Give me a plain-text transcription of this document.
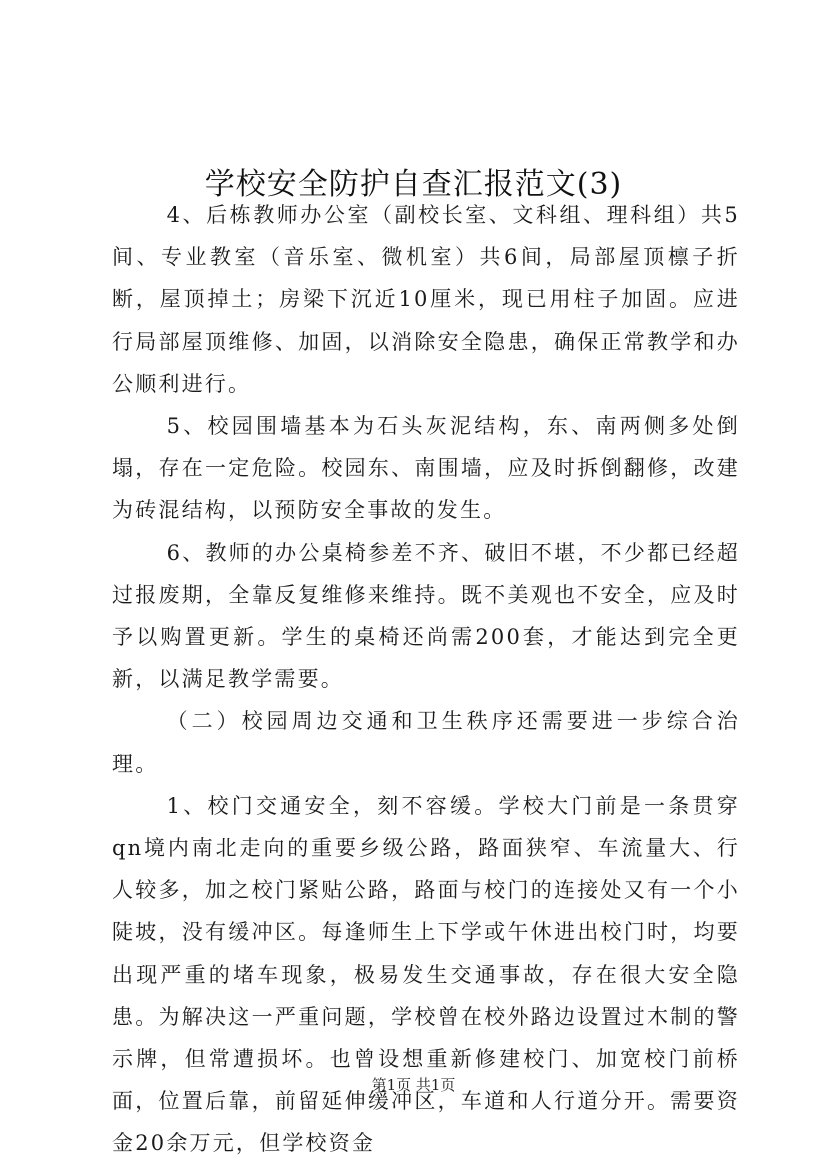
学校安全防护自查汇报范文(3)

4、后栋教师办公室（副校长室、文科组、理科组）共5间、专业教室（音乐室、微机室）共6间，局部屋顶檩子折断，屋顶掉土；房梁下沉近10厘米，现已用柱子加固。应进行局部屋顶维修、加固，以消除安全隐患，确保正常教学和办公顺利进行。

5、校园围墙基本为石头灰泥结构，东、南两侧多处倒塌，存在一定危险。校园东、南围墙，应及时拆倒翻修，改建为砖混结构，以预防安全事故的发生。

6、教师的办公桌椅参差不齐、破旧不堪，不少都已经超过报废期，全靠反复维修来维持。既不美观也不安全，应及时予以购置更新。学生的桌椅还尚需200套，才能达到完全更新，以满足教学需要。

（二）校园周边交通和卫生秩序还需要进一步综合治理。

1、校门交通安全，刻不容缓。学校大门前是一条贯穿qn境内南北走向的重要乡级公路，路面狭窄、车流量大、行人较多，加之校门紧贴公路，路面与校门的连接处又有一个小陡坡，没有缓冲区。每逢师生上下学或午休进出校门时，均要出现严重的堵车现象，极易发生交通事故，存在很大安全隐患。为解决这一严重问题，学校曾在校外路边设置过木制的警示牌，但常遭损坏。也曾设想重新修建校门、加宽校门前桥面，位置后靠，前留延伸缓冲区，车道和人行道分开。需要资金20余万元，但学校资金

第1页 共1页
